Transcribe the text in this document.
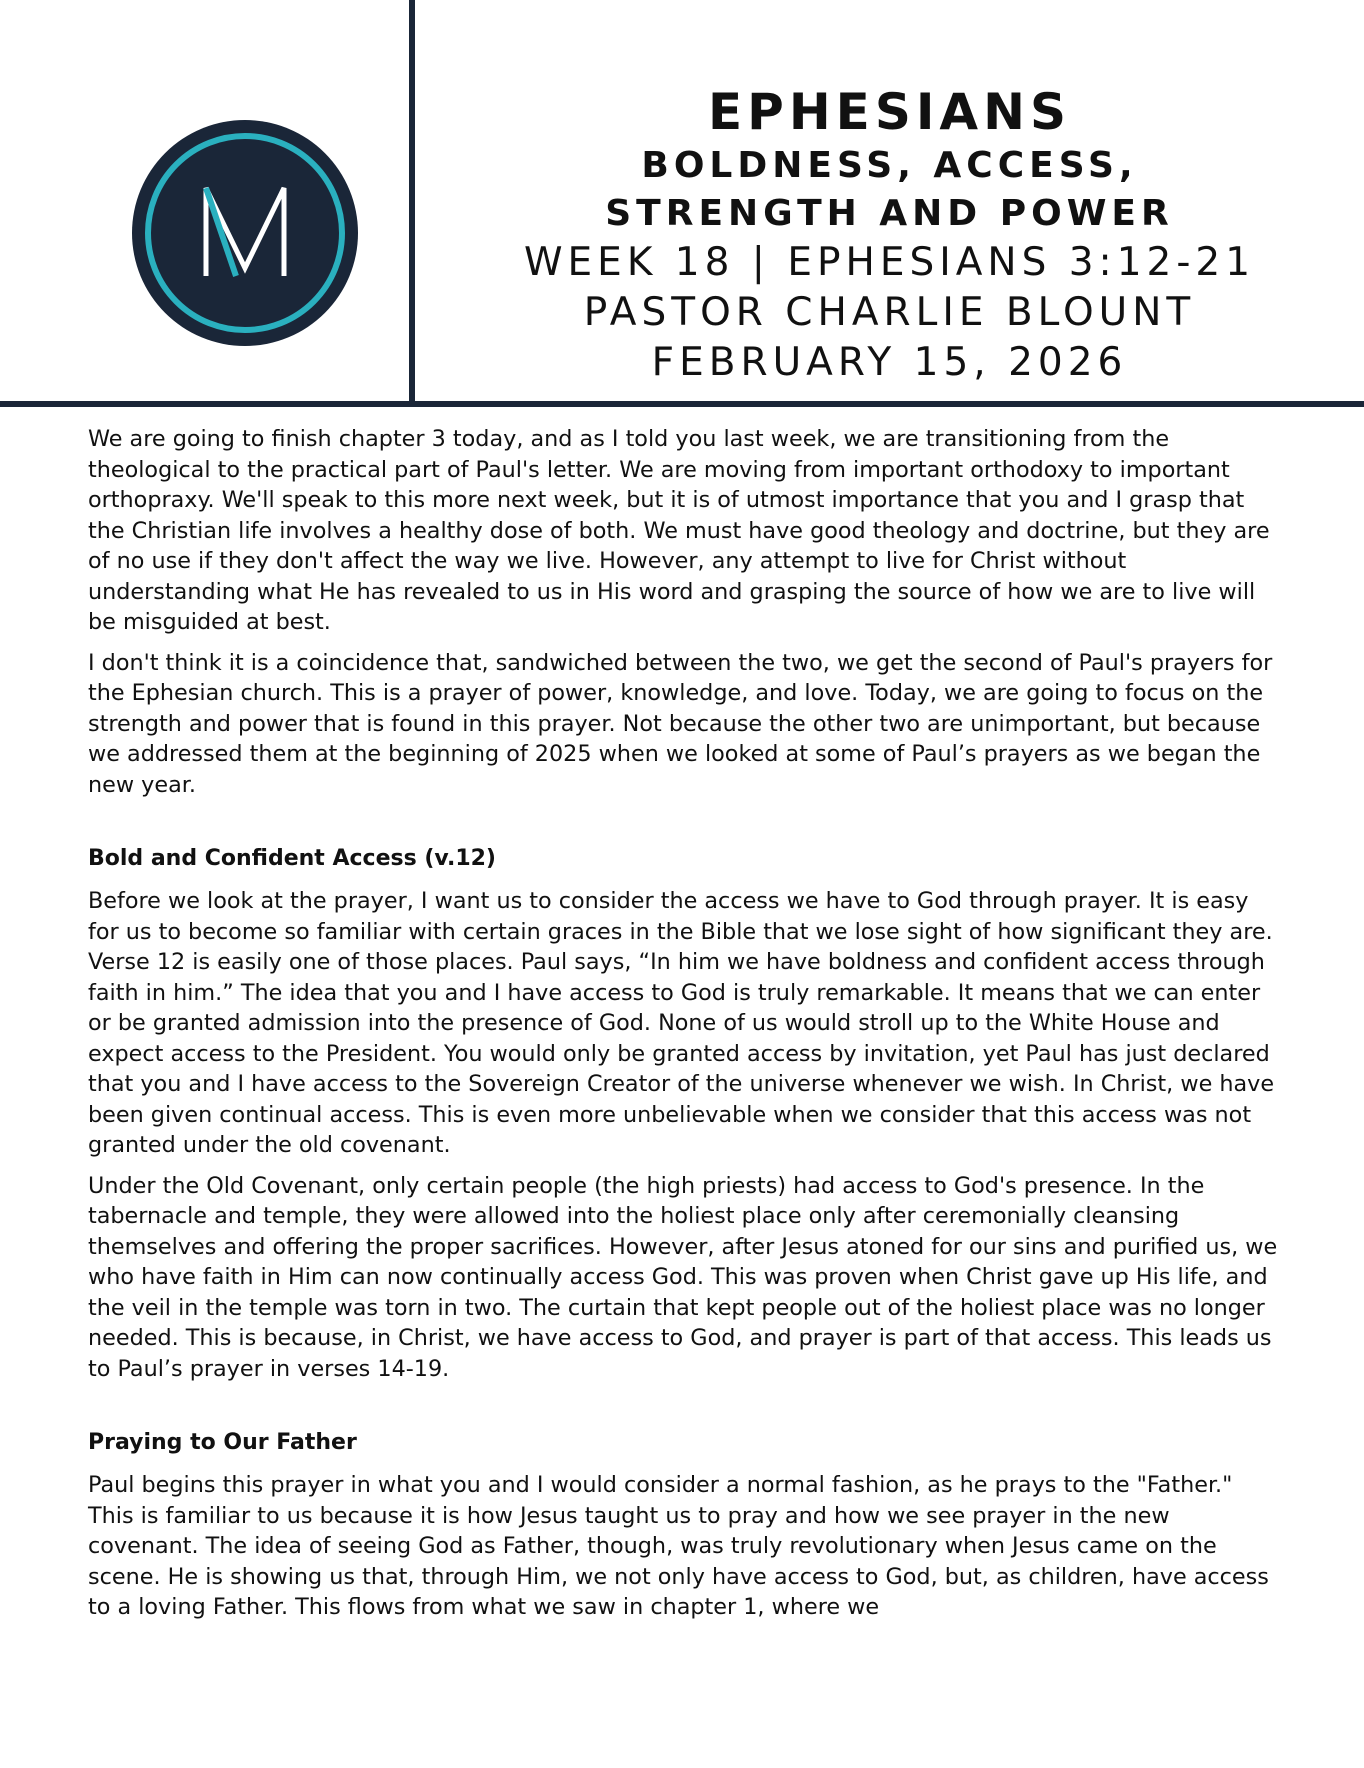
EPHESIANS
BOLDNESS, ACCESS,
STRENGTH AND POWER
WEEK 18 | EPHESIANS 3:12-21
PASTOR CHARLIE BLOUNT
FEBRUARY 15, 2026

We are going to finish chapter 3 today, and as I told you last week, we are transitioning from the theological to the practical part of Paul's letter. We are moving from important orthodoxy to important orthopraxy. We'll speak to this more next week, but it is of utmost importance that you and I grasp that the Christian life involves a healthy dose of both. We must have good theology and doctrine, but they are of no use if they don't affect the way we live. However, any attempt to live for Christ without understanding what He has revealed to us in His word and grasping the source of how we are to live will be misguided at best.

I don't think it is a coincidence that, sandwiched between the two, we get the second of Paul's prayers for the Ephesian church. This is a prayer of power, knowledge, and love. Today, we are going to focus on the strength and power that is found in this prayer. Not because the other two are unimportant, but because we addressed them at the beginning of 2025 when we looked at some of Paul’s prayers as we began the new year.

Bold and Confident Access (v.12)

Before we look at the prayer, I want us to consider the access we have to God through prayer. It is easy for us to become so familiar with certain graces in the Bible that we lose sight of how significant they are. Verse 12 is easily one of those places. Paul says, “In him we have boldness and confident access through faith in him.” The idea that you and I have access to God is truly remarkable. It means that we can enter or be granted admission into the presence of God. None of us would stroll up to the White House and expect access to the President. You would only be granted access by invitation, yet Paul has just declared that you and I have access to the Sovereign Creator of the universe whenever we wish. In Christ, we have been given continual access. This is even more unbelievable when we consider that this access was not granted under the old covenant.

Under the Old Covenant, only certain people (the high priests) had access to God's presence. In the tabernacle and temple, they were allowed into the holiest place only after ceremonially cleansing themselves and offering the proper sacrifices. However, after Jesus atoned for our sins and purified us, we who have faith in Him can now continually access God. This was proven when Christ gave up His life, and the veil in the temple was torn in two. The curtain that kept people out of the holiest place was no longer needed. This is because, in Christ, we have access to God, and prayer is part of that access. This leads us to Paul’s prayer in verses 14-19.

Praying to Our Father

Paul begins this prayer in what you and I would consider a normal fashion, as he prays to the "Father." This is familiar to us because it is how Jesus taught us to pray and how we see prayer in the new covenant. The idea of seeing God as Father, though, was truly revolutionary when Jesus came on the scene. He is showing us that, through Him, we not only have access to God, but, as children, have access to a loving Father. This flows from what we saw in chapter 1, where we
